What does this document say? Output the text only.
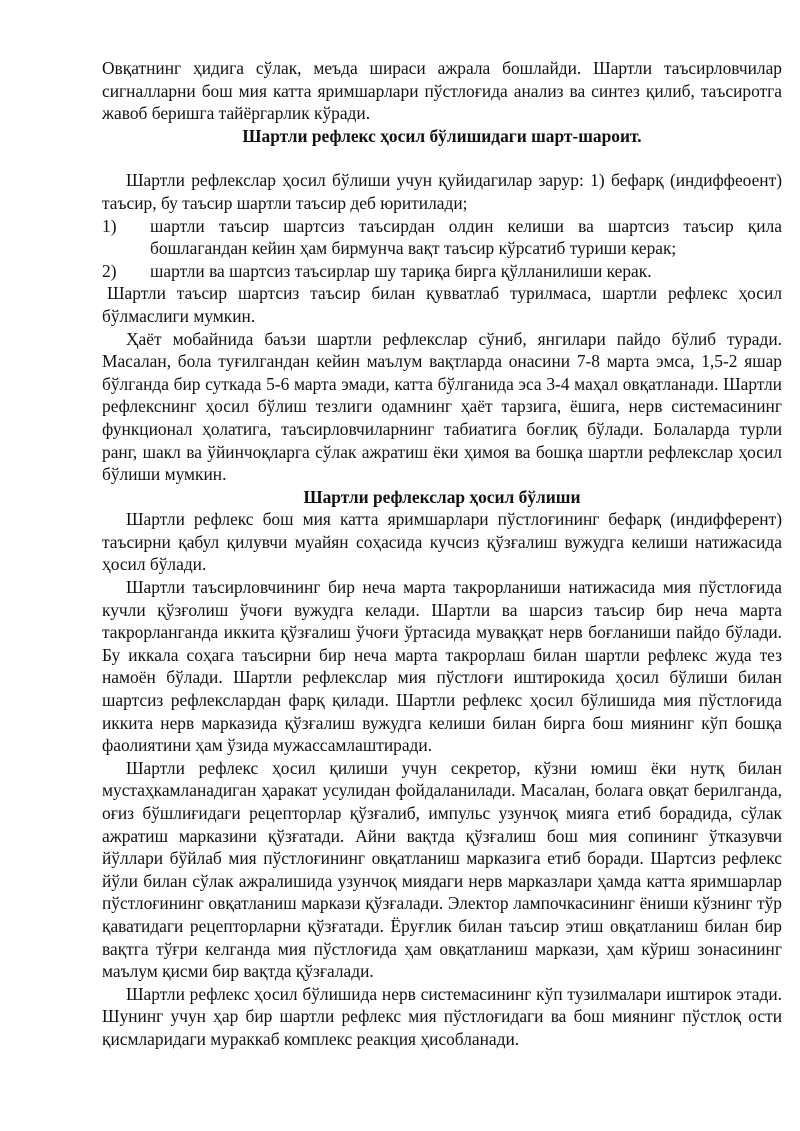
Овқатнинг ҳидига сўлак, меъда шираси ажрала бошлайди. Шартли таъсирловчилар сигналларни бош мия катта яримшарлари пўстлоғида анализ ва синтез қилиб, таъсиротга жавоб беришга тайёргарлик кўради.

Шартли рефлекс ҳосил бўлишидаги шарт-шароит.

Шартли рефлекслар ҳосил бўлиши учун қуйидагилар зарур: 1) бефарқ (индиффеоент) таъсир, бу таъсир шартли таъсир деб юритилади;

1)	шартли таъсир шартсиз таъсирдан олдин келиши ва шартсиз таъсир қила бошлагандан кейин ҳам бирмунча вақт таъсир кўрсатиб туриши керак;
2)	шартли ва шартсиз таъсирлар шу тариқа бирга қўлланилиши керак.

Шартли таъсир шартсиз таъсир билан қувватлаб турилмаса, шартли рефлекс ҳосил бўлмаслиги мумкин.

Ҳаёт мобайнида баъзи шартли рефлекслар сўниб, янгилари пайдо бўлиб туради. Масалан, бола туғилгандан кейин маълум вақтларда онасини 7-8 марта эмса, 1,5-2 яшар бўлганда бир суткада 5-6 марта эмади, катта бўлганида эса 3-4 маҳал овқатланади. Шартли рефлекснинг ҳосил бўлиш тезлиги одамнинг ҳаёт тарзига, ёшига, нерв системасининг функционал ҳолатига, таъсирловчиларнинг табиатига боғлиқ бўлади. Болаларда турли ранг, шакл ва ўйинчоқларга сўлак ажратиш ёки ҳимоя ва бошқа шартли рефлекслар ҳосил бўлиши мумкин.

Шартли рефлекслар ҳосил бўлиши

Шартли рефлекс бош мия катта яримшарлари пўстлоғининг бефарқ (индифферент) таъсирни қабул қилувчи муайян соҳасида кучсиз қўзғалиш вужудга келиши натижасида ҳосил бўлади.

Шартли таъсирловчининг бир неча марта такрорланиши натижасида мия пўстлоғида кучли қўзғолиш ўчоғи вужудга келади. Шартли ва шарсиз таъсир бир неча марта такрорланганда иккита қўзғалиш ўчоғи ўртасида муваққат нерв боғланиши пайдо бўлади. Бу иккала соҳага таъсирни бир неча марта такрорлаш билан шартли рефлекс жуда тез намоён бўлади. Шартли рефлекслар мия пўстлоғи иштирокида ҳосил бўлиши билан шартсиз рефлекслардан фарқ қилади. Шартли рефлекс ҳосил бўлишида мия пўстлоғида иккита нерв марказида қўзғалиш вужудга келиши билан бирга бош миянинг кўп бошқа фаолиятини ҳам ўзида мужассамлаштиради.

Шартли рефлекс ҳосил қилиши учун секретор, кўзни юмиш ёки нутқ билан мустаҳкамланадиган ҳаракат усулидан фойдаланилади. Масалан, болага овқат берилганда, оғиз бўшлиғидаги рецепторлар қўзғалиб, импульс узунчоқ мияга етиб борадида, сўлак ажратиш марказини қўзғатади. Айни вақтда қўзғалиш бош мия сопининг ўтказувчи йўллари бўйлаб мия пўстлоғининг овқатланиш марказига етиб боради. Шартсиз рефлекс йўли билан сўлак ажралишида узунчоқ миядаги нерв марказлари ҳамда катта яримшарлар пўстлоғининг овқатланиш маркази қўзғалади. Электор лампочкасининг ёниши кўзнинг тўр қаватидаги рецепторларни қўзғатади. Ёруғлик билан таъсир этиш овқатланиш билан бир вақтга тўғри келганда мия пўстлоғида ҳам овқатланиш маркази, ҳам кўриш зонасининг маълум қисми бир вақтда қўзғалади.

Шартли рефлекс ҳосил бўлишида нерв системасининг кўп тузилмалари иштирок этади. Шунинг учун ҳар бир шартли рефлекс мия пўстлоғидаги ва бош миянинг пўстлоқ ости қисмларидаги мураккаб комплекс реакция ҳисобланади.
